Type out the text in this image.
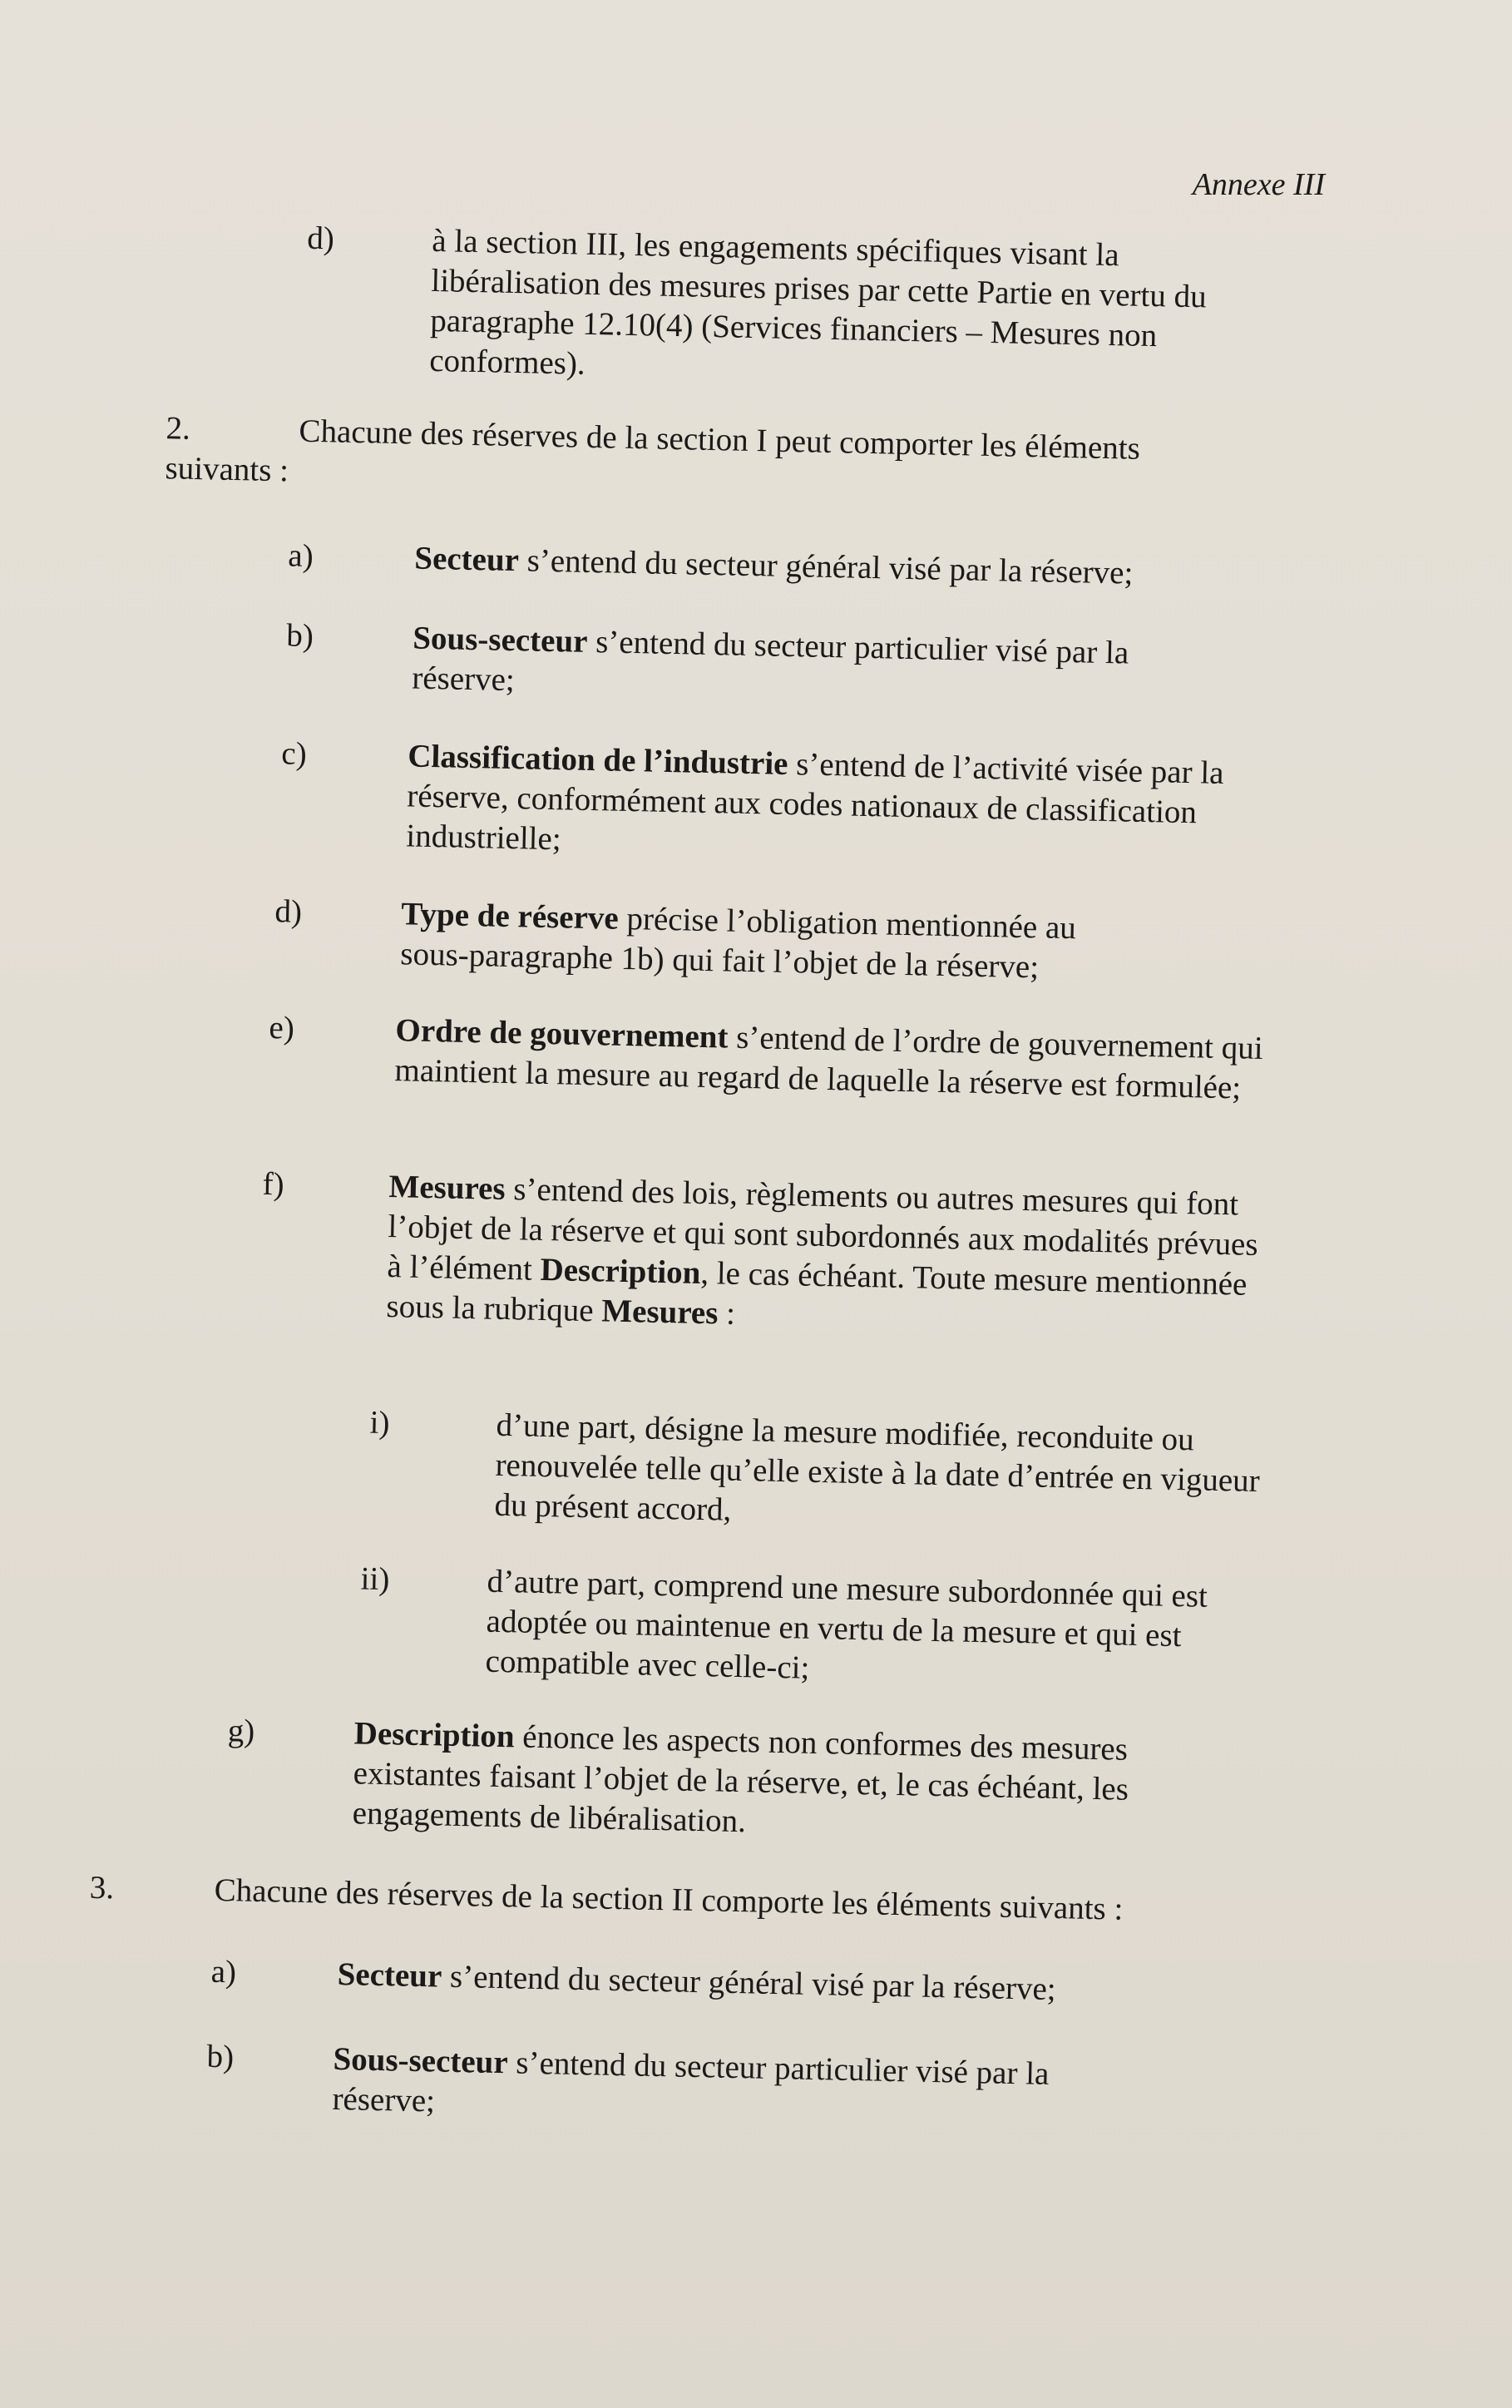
Annexe III
d)	à la section III, les engagements spécifiques visant la libéralisation des mesures prises par cette Partie en vertu du paragraphe 12.10(4) (Services financiers – Mesures non conformes).
2.	Chacune des réserves de la section I peut comporter les éléments suivants :
a)	Secteur s’entend du secteur général visé par la réserve;
b)	Sous-secteur s’entend du secteur particulier visé par la réserve;
c)	Classification de l’industrie s’entend de l’activité visée par la réserve, conformément aux codes nationaux de classification industrielle;
d)	Type de réserve précise l’obligation mentionnée au sous-paragraphe 1b) qui fait l’objet de la réserve;
e)	Ordre de gouvernement s’entend de l’ordre de gouvernement qui maintient la mesure au regard de laquelle la réserve est formulée;
f)	Mesures s’entend des lois, règlements ou autres mesures qui font l’objet de la réserve et qui sont subordonnés aux modalités prévues à l’élément Description, le cas échéant. Toute mesure mentionnée sous la rubrique Mesures :
i)	d’une part, désigne la mesure modifiée, reconduite ou renouvelée telle qu’elle existe à la date d’entrée en vigueur du présent accord,
ii)	d’autre part, comprend une mesure subordonnée qui est adoptée ou maintenue en vertu de la mesure et qui est compatible avec celle-ci;
g)	Description énonce les aspects non conformes des mesures existantes faisant l’objet de la réserve, et, le cas échéant, les engagements de libéralisation.
3.	Chacune des réserves de la section II comporte les éléments suivants :
a)	Secteur s’entend du secteur général visé par la réserve;
b)	Sous-secteur s’entend du secteur particulier visé par la réserve;
